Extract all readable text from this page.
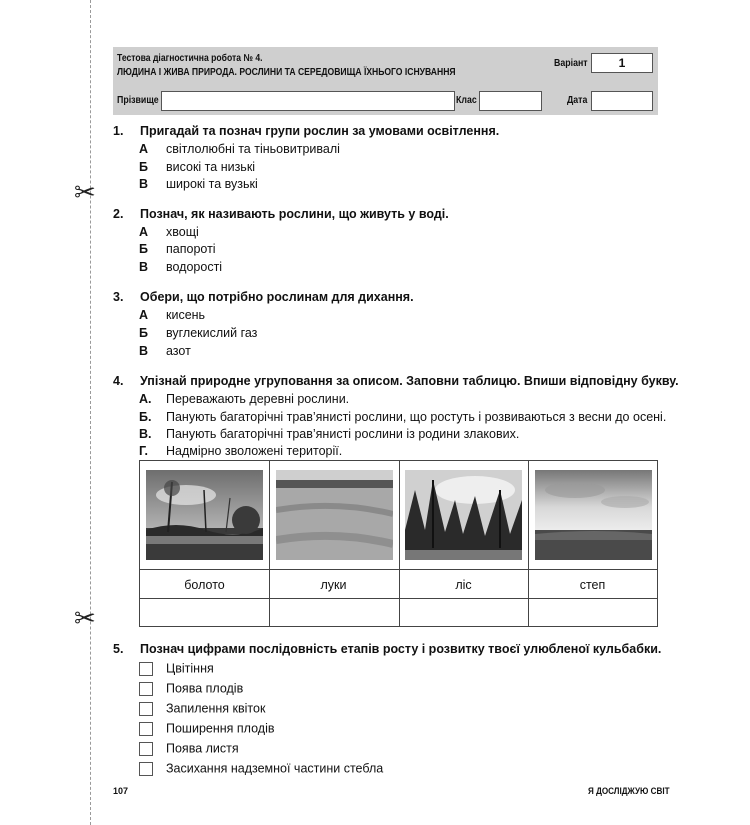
✂
✂
Тестова діагностична робота № 4.
ЛЮДИНА І ЖИВА ПРИРОДА. РОСЛИНИ ТА СЕРЕДОВИЩА ЇХНЬОГО ІСНУВАННЯ
Варіант	1
Прізвище	Клас	Дата
1. Пригадай та познач групи рослин за умовами освітлення.
А світлолюбні та тіньовитривалі
Б високі та низькі
В широкі та вузькі
2. Познач, як називають рослини, що живуть у воді.
А хвощі
Б папороті
В водорості
3. Обери, що потрібно рослинам для дихання.
А кисень
Б вуглекислий газ
В азот
4. Упізнай природне угруповання за описом. Заповни таблицю. Впиши відповідну букву.
А. Переважають деревні рослини.
Б. Панують багаторічні трав’янисті рослини, що ростуть і розвиваються з весни до осені.
В. Панують багаторічні трав’янисті рослини із родини злакових.
Г. Надмірно зволожені території.
болото	луки	ліс	степ
5. Познач цифрами послідовність етапів росту і розвитку твоєї улюбленої кульбабки.
Цвітіння
Поява плодів
Запилення квіток
Поширення плодів
Поява листя
Засихання надземної частини стебла
107	Я ДОСЛІДЖУЮ СВІТ
